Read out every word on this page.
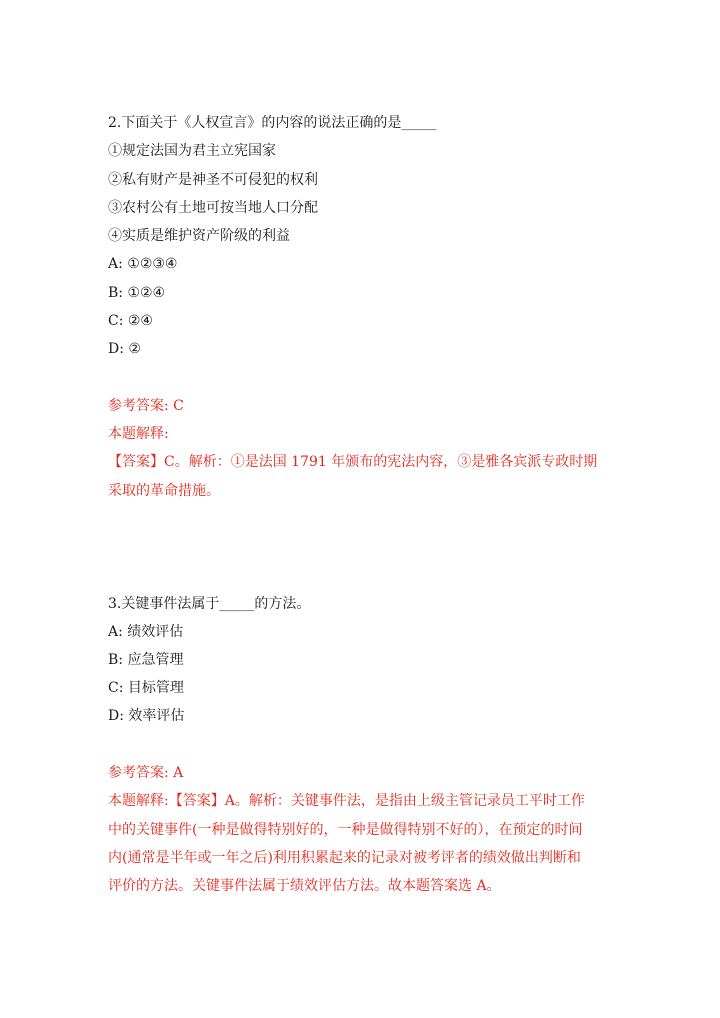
2.下面关于《人权宣言》的内容的说法正确的是_____
①规定法国为君主立宪国家
②私有财产是神圣不可侵犯的权利
③农村公有土地可按当地人口分配
④实质是维护资产阶级的利益
A: ①②③④
B: ①②④
C: ②④
D: ②
参考答案: C
本题解释:
【答案】C。解析：①是法国 1791 年颁布的宪法内容，③是雅各宾派专政时期
采取的革命措施。
3.关键事件法属于_____的方法。
A: 绩效评估
B: 应急管理
C: 目标管理
D: 效率评估
参考答案: A
本题解释:【答案】A。解析：关键事件法，是指由上级主管记录员工平时工作
中的关键事件(一种是做得特别好的，一种是做得特别不好的），在预定的时间
内(通常是半年或一年之后)利用积累起来的记录对被考评者的绩效做出判断和
评价的方法。关键事件法属于绩效评估方法。故本题答案选 A。
